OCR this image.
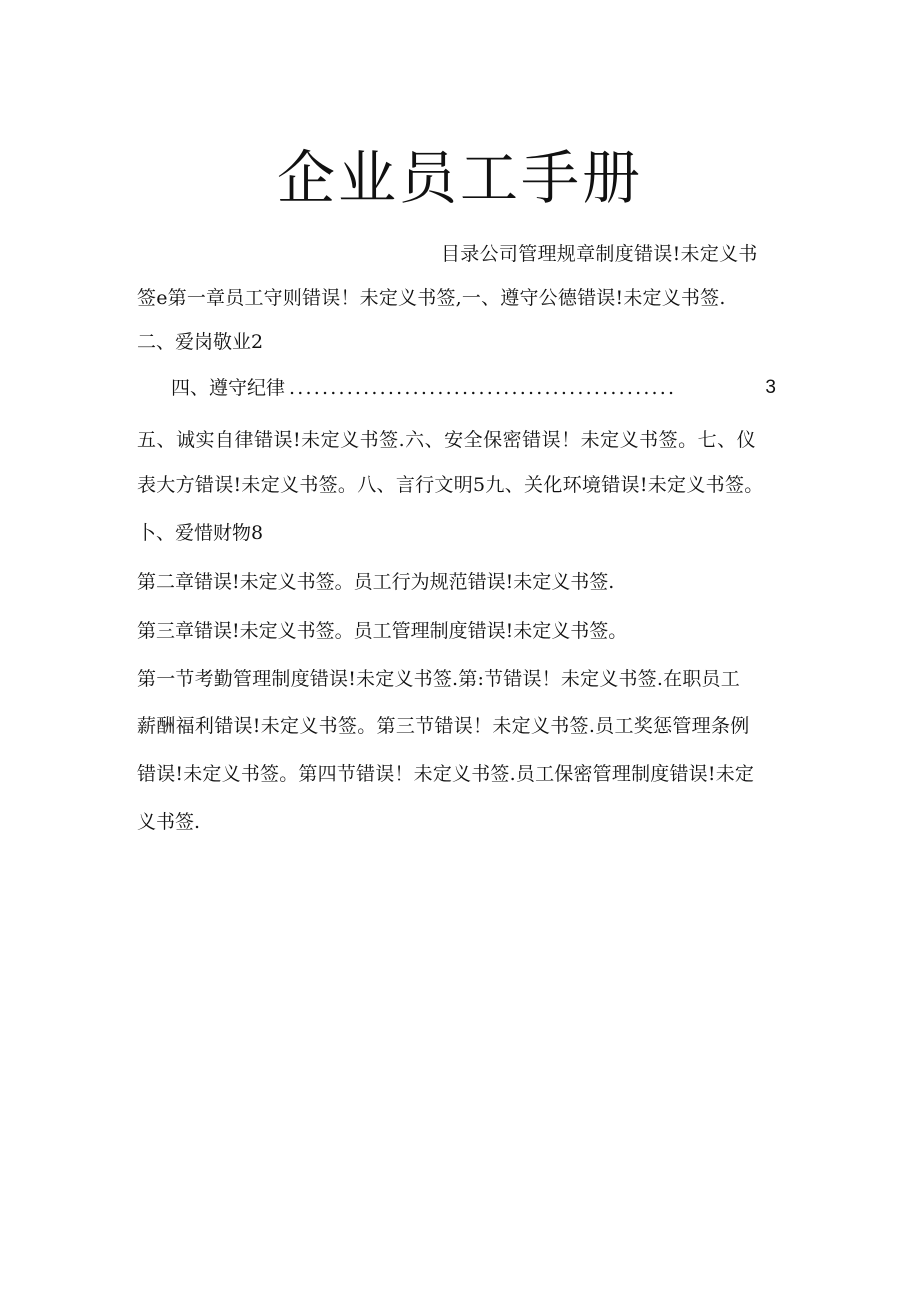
企业员工手册

目录公司管理规章制度错误!未定义书

签e第一章员工守则错误！未定义书签,一、遵守公德错误!未定义书签.

二、爱岗敬业2

四、遵守纪律 ...............................................	3

五、诚实自律错误!未定义书签.六、安全保密错误！未定义书签。七、仪

表大方错误!未定义书签。八、言行文明5九、关化环境错误!未定义书签。

卜、爱惜财物8

第二章错误!未定义书签。员工行为规范错误!未定义书签.

第三章错误!未定义书签。员工管理制度错误!未定义书签。

第一节考勤管理制度错误!未定义书签.第:节错误！未定义书签.在职员工

薪酬福利错误!未定义书签。第三节错误！未定义书签.员工奖惩管理条例

错误!未定义书签。第四节错误！未定义书签.员工保密管理制度错误!未定

义书签.
